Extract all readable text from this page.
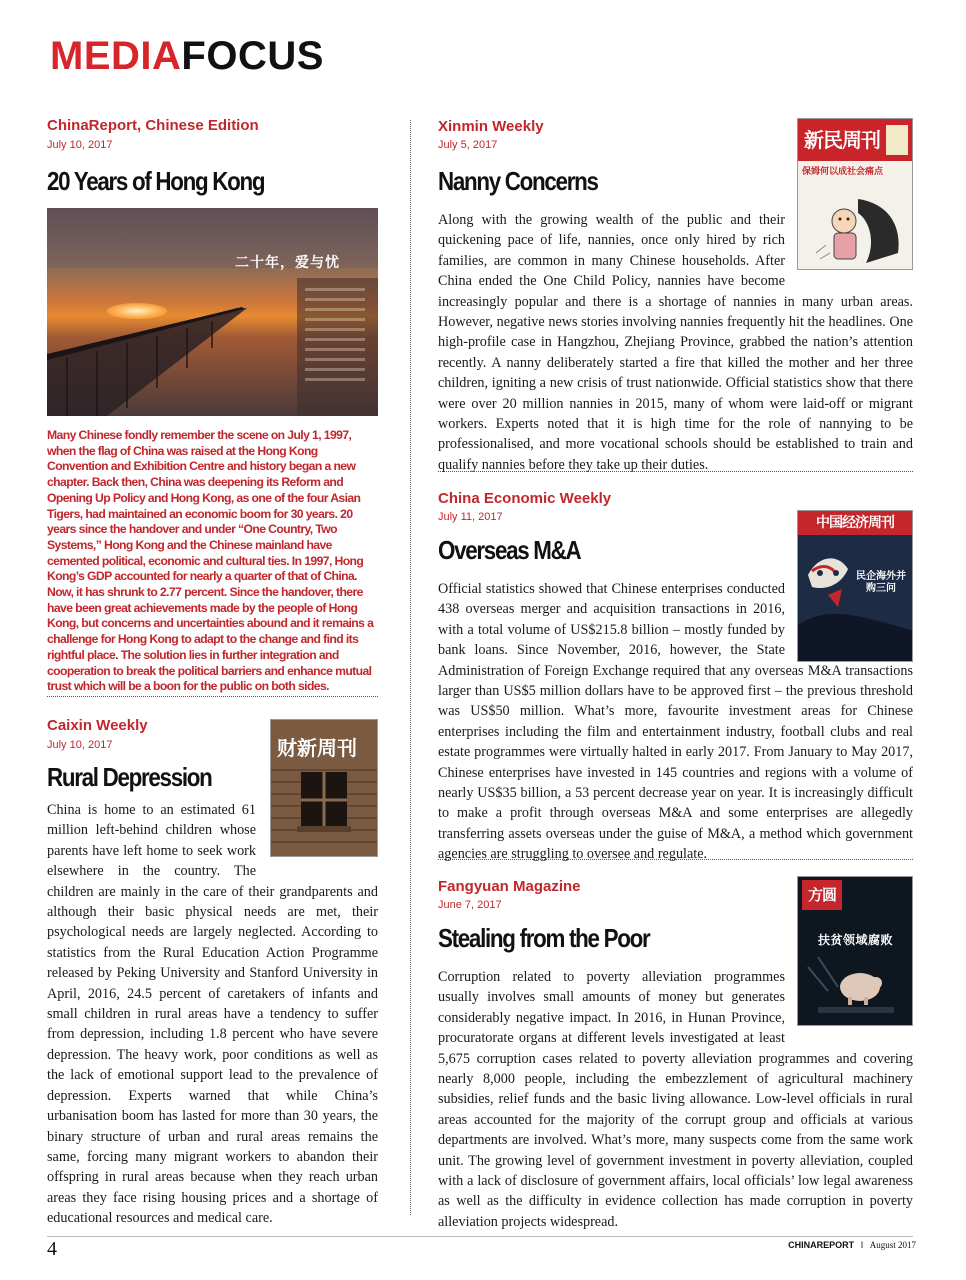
MEDIAFOCUS
ChinaReport, Chinese Edition
July 10, 2017
20 Years of Hong Kong
二十年，爱与忧
Many Chinese fondly remember the scene on July 1, 1997, when the flag of China was raised at the Hong Kong Convention and Exhibition Centre and history began a new chapter. Back then, China was deepening its Reform and Opening Up Policy and Hong Kong, as one of the four Asian Tigers, had maintained an economic boom for 30 years. 20 years since the handover and under “One Country, Two Systems,” Hong Kong and the Chinese mainland have cemented political, economic and cultural ties. In 1997, Hong Kong’s GDP accounted for nearly a quarter of that of China. Now, it has shrunk to 2.77 percent. Since the handover, there have been great achievements made by the people of Hong Kong, but concerns and uncertainties abound and it remains a challenge for Hong Kong to adapt to the change and find its rightful place. The solution lies in further integration and cooperation to break the political barriers and enhance mutual trust which will be a boon for the public on both sides.
Caixin Weekly
July 10, 2017
Rural Depression
财新周刊
China is home to an estimated 61 million left-behind children whose parents have left home to seek work elsewhere in the country. The children are mainly in the care of their grandparents and although their basic physical needs are met, their psychological needs are largely neglected. According to statistics from the Rural Education Action Programme released by Peking University and Stanford University in April, 2016, 24.5 percent of caretakers of infants and small children in rural areas have a tendency to suffer from depression, including 1.8 percent who have severe depression. The heavy work, poor conditions as well as the lack of emotional support lead to the prevalence of depression. Experts warned that while China’s urbanisation boom has lasted for more than 30 years, the binary structure of urban and rural areas remains the same, forcing many migrant workers to abandon their offspring in rural areas because when they reach urban areas they face rising housing prices and a shortage of educational resources and medical care.
Xinmin Weekly
July 5, 2017
Nanny Concerns
新民周刊
保姆何以成社会痛点
Along with the growing wealth of the public and their quickening pace of life, nannies, once only hired by rich families, are common in many Chinese households. After China ended the One Child Policy, nannies have become increasingly popular and there is a shortage of nannies in many urban areas. However, negative news stories involving nannies frequently hit the headlines. One high-profile case in Hangzhou, Zhejiang Province, grabbed the nation’s attention recently. A nanny deliberately started a fire that killed the mother and her three children, igniting a new crisis of trust nationwide. Official statistics show that there were over 20 million nannies in 2015, many of whom were laid-off or migrant workers. Experts noted that it is high time for the role of nannying to be professionalised, and more vocational schools should be established to train and qualify nannies before they take up their duties.
China Economic Weekly
July 11, 2017
Overseas M&A
中国经济周刊
民企海外并购三问
Official statistics showed that Chinese enterprises conducted 438 overseas merger and acquisition transactions in 2016, with a total volume of US$215.8 billion – mostly funded by bank loans. Since November, 2016, however, the State Administration of Foreign Exchange required that any overseas M&A transactions larger than US$5 million dollars have to be approved first – the previous threshold was US$50 million. What’s more, favourite investment areas for Chinese enterprises including the film and entertainment industry, football clubs and real estate programmes were virtually halted in early 2017. From January to May 2017, Chinese enterprises have invested in 145 countries and regions with a volume of nearly US$35 billion, a 53 percent decrease year on year. It is increasingly difficult to make a profit through overseas M&A and some enterprises are allegedly transferring assets overseas under the guise of M&A, a method which government agencies are struggling to oversee and regulate.
Fangyuan Magazine
June 7, 2017
Stealing from the Poor
方圆
扶贫领域腐败
Corruption related to poverty alleviation programmes usually involves small amounts of money but generates considerably negative impact. In 2016, in Hunan Province, procuratorate organs at different levels investigated at least 5,675 corruption cases related to poverty alleviation programmes and covering nearly 8,000 people, including the embezzlement of agricultural machinery subsidies, relief funds and the basic living allowance. Low-level officials in rural areas accounted for the majority of the corrupt group and officials at various departments are involved. What’s more, many suspects come from the same work unit. The growing level of government investment in poverty alleviation, coupled with a lack of disclosure of government affairs, local officials’ low legal awareness as well as the difficulty in evidence collection has made corruption in poverty alleviation projects widespread.
4	CHINAREPORT I August 2017
